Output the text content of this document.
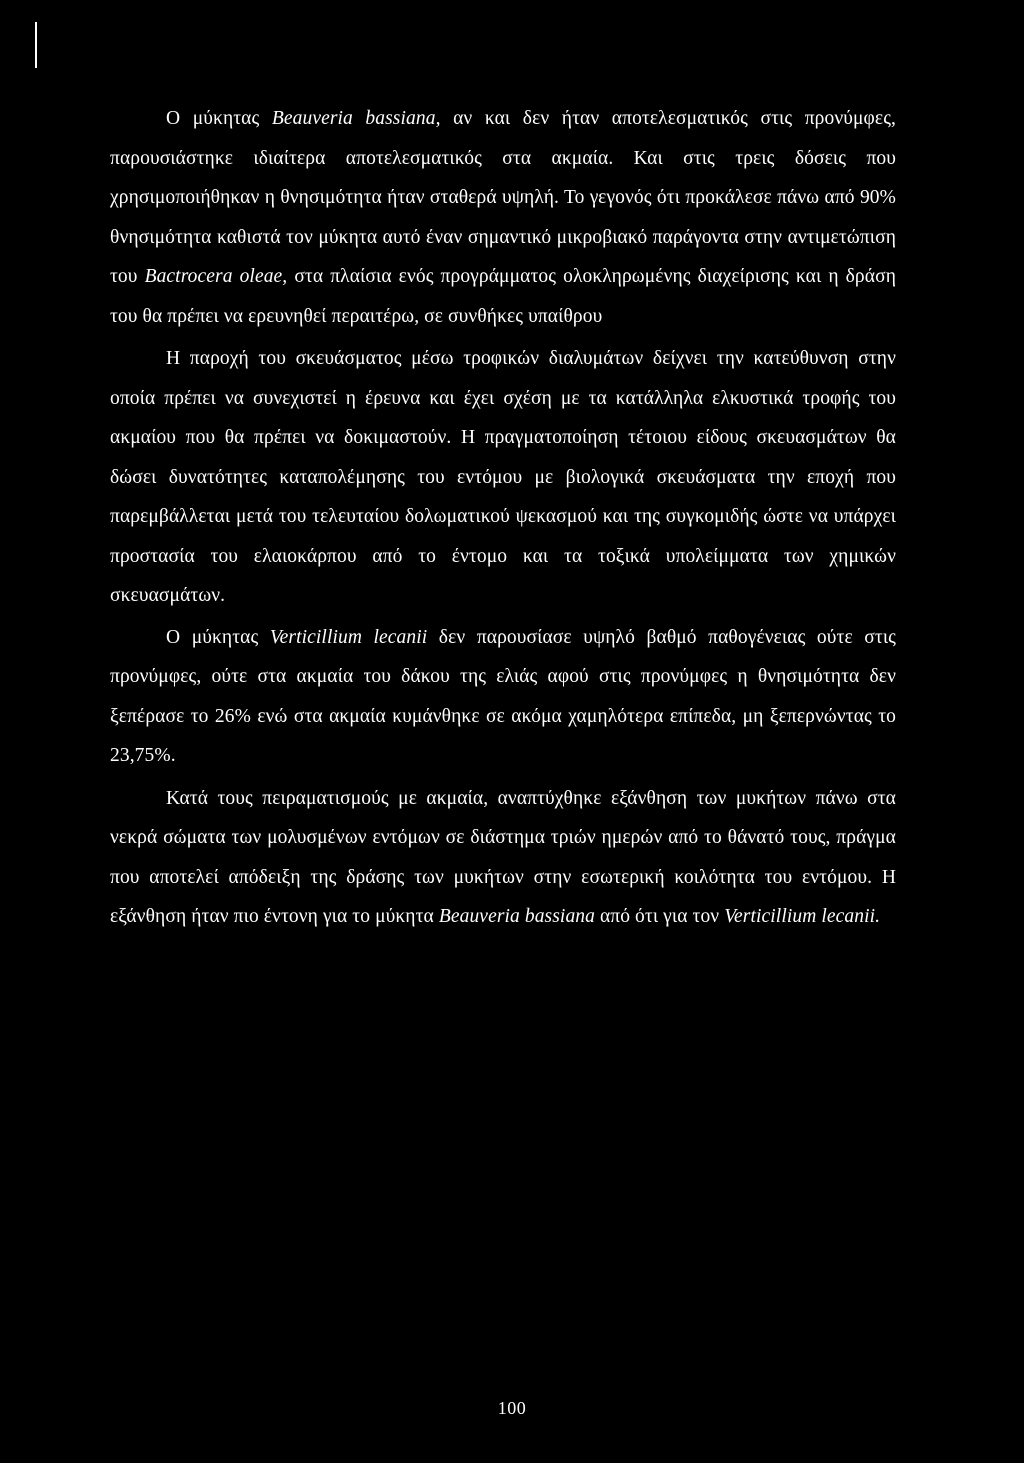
Ο μύκητας Beauveria bassiana, αν και δεν ήταν αποτελεσματικός στις προνύμφες, παρουσιάστηκε ιδιαίτερα αποτελεσματικός στα ακμαία. Και στις τρεις δόσεις που χρησιμοποιήθηκαν η θνησιμότητα ήταν σταθερά υψηλή. Το γεγονός ότι προκάλεσε πάνω από 90% θνησιμότητα καθιστά τον μύκητα αυτό έναν σημαντικό μικροβιακό παράγοντα στην αντιμετώπιση του Bactrocera oleae, στα πλαίσια ενός προγράμματος ολοκληρωμένης διαχείρισης και η δράση του θα πρέπει να ερευνηθεί περαιτέρω, σε συνθήκες υπαίθρου

Η παροχή του σκευάσματος μέσω τροφικών διαλυμάτων δείχνει την κατεύθυνση στην οποία πρέπει να συνεχιστεί η έρευνα και έχει σχέση με τα κατάλληλα ελκυστικά τροφής του ακμαίου που θα πρέπει να δοκιμαστούν. Η πραγματοποίηση τέτοιου είδους σκευασμάτων θα δώσει δυνατότητες καταπολέμησης του εντόμου με βιολογικά σκευάσματα την εποχή που παρεμβάλλεται μετά του τελευταίου δολωματικού ψεκασμού και της συγκομιδής ώστε να υπάρχει προστασία του ελαιοκάρπου από το έντομο και τα τοξικά υπολείμματα των χημικών σκευασμάτων.

Ο μύκητας Verticillium lecanii δεν παρουσίασε υψηλό βαθμό παθογένειας ούτε στις προνύμφες, ούτε στα ακμαία του δάκου της ελιάς αφού στις προνύμφες η θνησιμότητα δεν ξεπέρασε το 26% ενώ στα ακμαία κυμάνθηκε σε ακόμα χαμηλότερα επίπεδα, μη ξεπερνώντας το 23,75%.

Κατά τους πειραματισμούς με ακμαία, αναπτύχθηκε εξάνθηση των μυκήτων πάνω στα νεκρά σώματα των μολυσμένων εντόμων σε διάστημα τριών ημερών από το θάνατό τους, πράγμα που αποτελεί απόδειξη της δράσης των μυκήτων στην εσωτερική κοιλότητα του εντόμου. Η εξάνθηση ήταν πιο έντονη για το μύκητα Beauveria bassiana από ότι για τον Verticillium lecanii.

100
